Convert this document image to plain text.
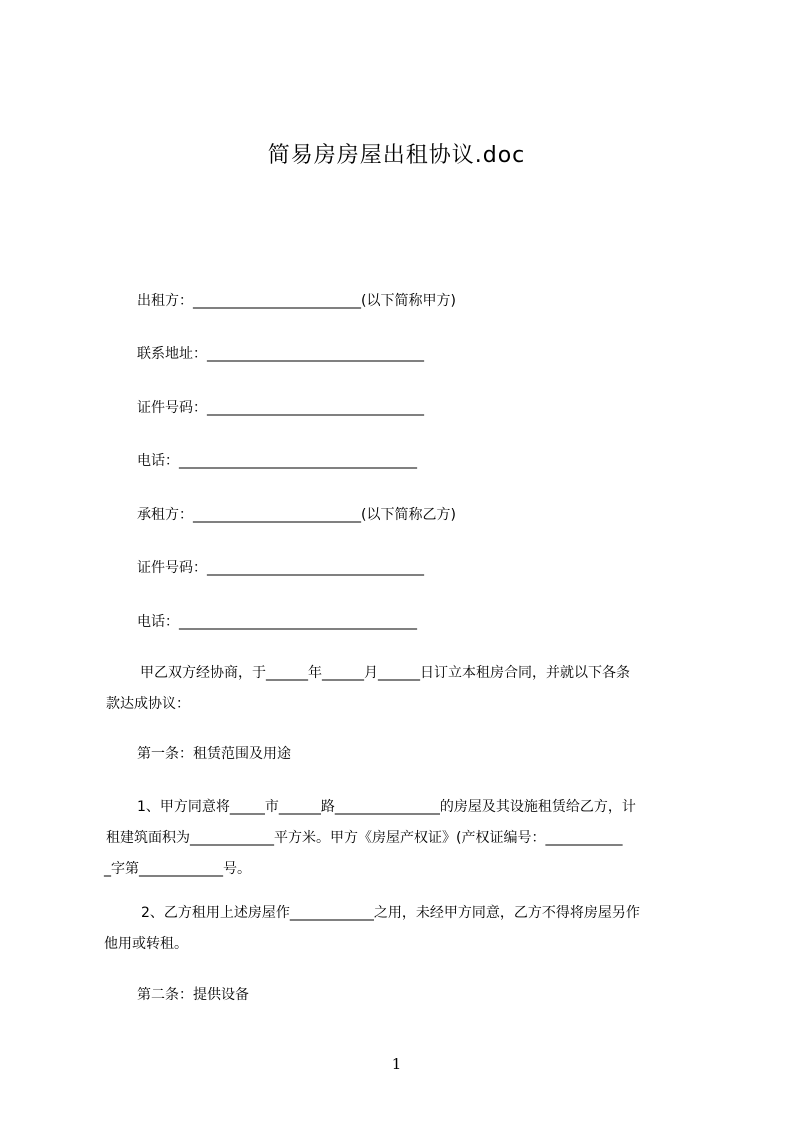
简易房房屋出租协议.doc
出租方：________________________(以下简称甲方)
联系地址：_______________________________
证件号码：_______________________________
电话：__________________________________
承租方：________________________(以下简称乙方)
证件号码：_______________________________
电话：__________________________________
甲乙双方经协商，于______年______月______日订立本租房合同，并就以下各条
款达成协议：
第一条：租赁范围及用途
1、甲方同意将_____市______路_______________的房屋及其设施租赁给乙方，计
租建筑面积为____________平方米。甲方《房屋产权证》(产权证编号：___________
_字第____________号。
2、乙方租用上述房屋作____________之用，未经甲方同意，乙方不得将房屋另作
他用或转租。
第二条：提供设备
1
